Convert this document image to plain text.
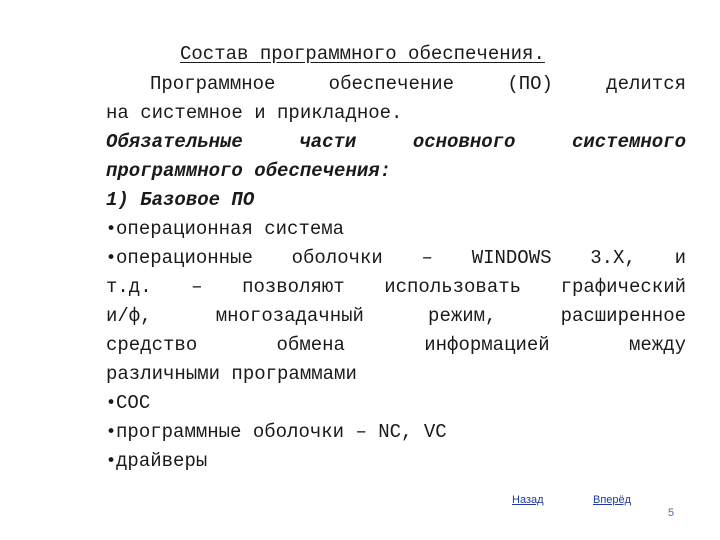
Состав программного обеспечения.
Программное обеспечение (ПО) делится
на системное и прикладное.
Обязательные части основного системного
программного обеспечения:
1) Базовое ПО
•операционная система
•операционные оболочки – WINDOWS 3.X, и
т.д. – позволяют использовать графический
и/ф, многозадачный режим, расширенное
средство обмена информацией между
различными программами
•СОС
•программные оболочки – NC, VC
•драйверы
Назад	Вперёд
5
